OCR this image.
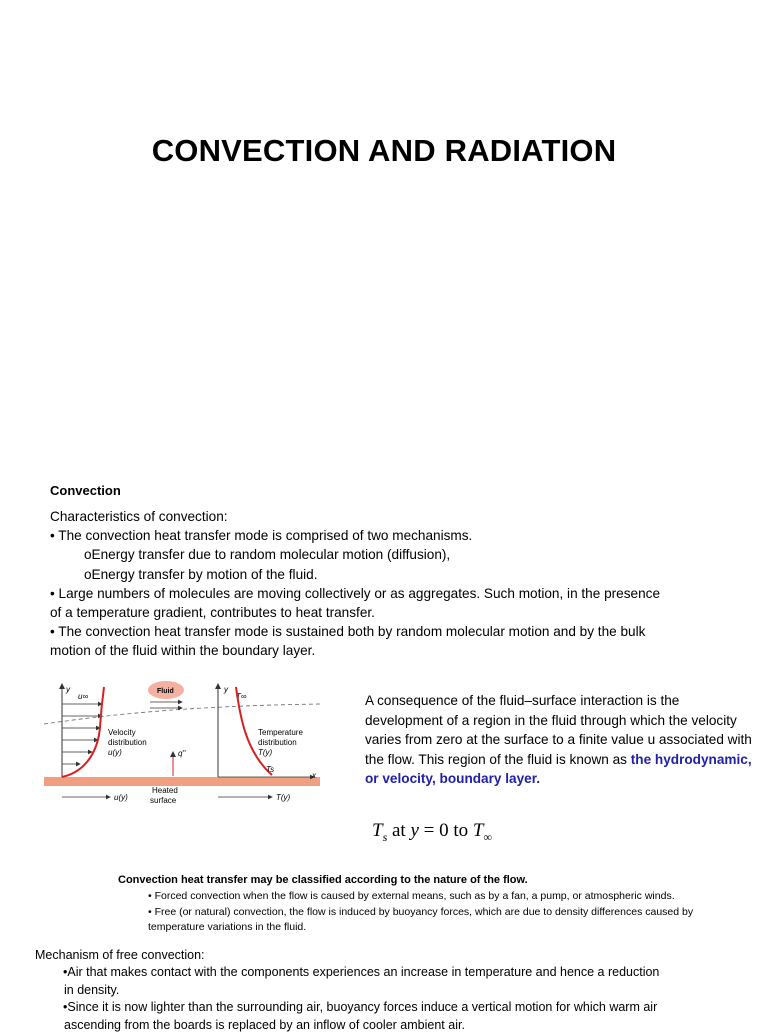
CONVECTION AND RADIATION
Convection

Characteristics of convection:

• The convection heat transfer mode is comprised of two mechanisms.

oEnergy transfer due to random molecular motion (diffusion),

oEnergy transfer by motion of the fluid.

• Large numbers of molecules are moving collectively or as aggregates. Such motion, in the presence

of a temperature gradient, contributes to heat transfer.

• The convection heat transfer mode is sustained both by random molecular motion and by the bulk

motion of the fluid within the boundary layer.

y
u∞
Fluid
Velocity
distribution
u(y)	q"
y
T∞
Temperature
distribution
T(y)
Ts
x
u(y)	T(y)
Heated
surface
A consequence of the fluid–surface interaction is the development of a region in the fluid through which the velocity varies from zero at the surface to a finite value u associated with the flow. This region of the fluid is known as the hydrodynamic, or velocity, boundary layer.
$T_s$ at y = 0 to $T_\infty$
Convection heat transfer may be classified according to the nature of the flow.

• Forced convection when the flow is caused by external means, such as by a fan, a pump, or atmospheric winds.

• Free (or natural) convection, the flow is induced by buoyancy forces, which are due to density differences caused by

temperature variations in the fluid.

Mechanism of free convection:

•Air that makes contact with the components experiences an increase in temperature and hence a reduction

in density.

•Since it is now lighter than the surrounding air, buoyancy forces induce a vertical motion for which warm air

ascending from the boards is replaced by an inflow of cooler ambient air.
